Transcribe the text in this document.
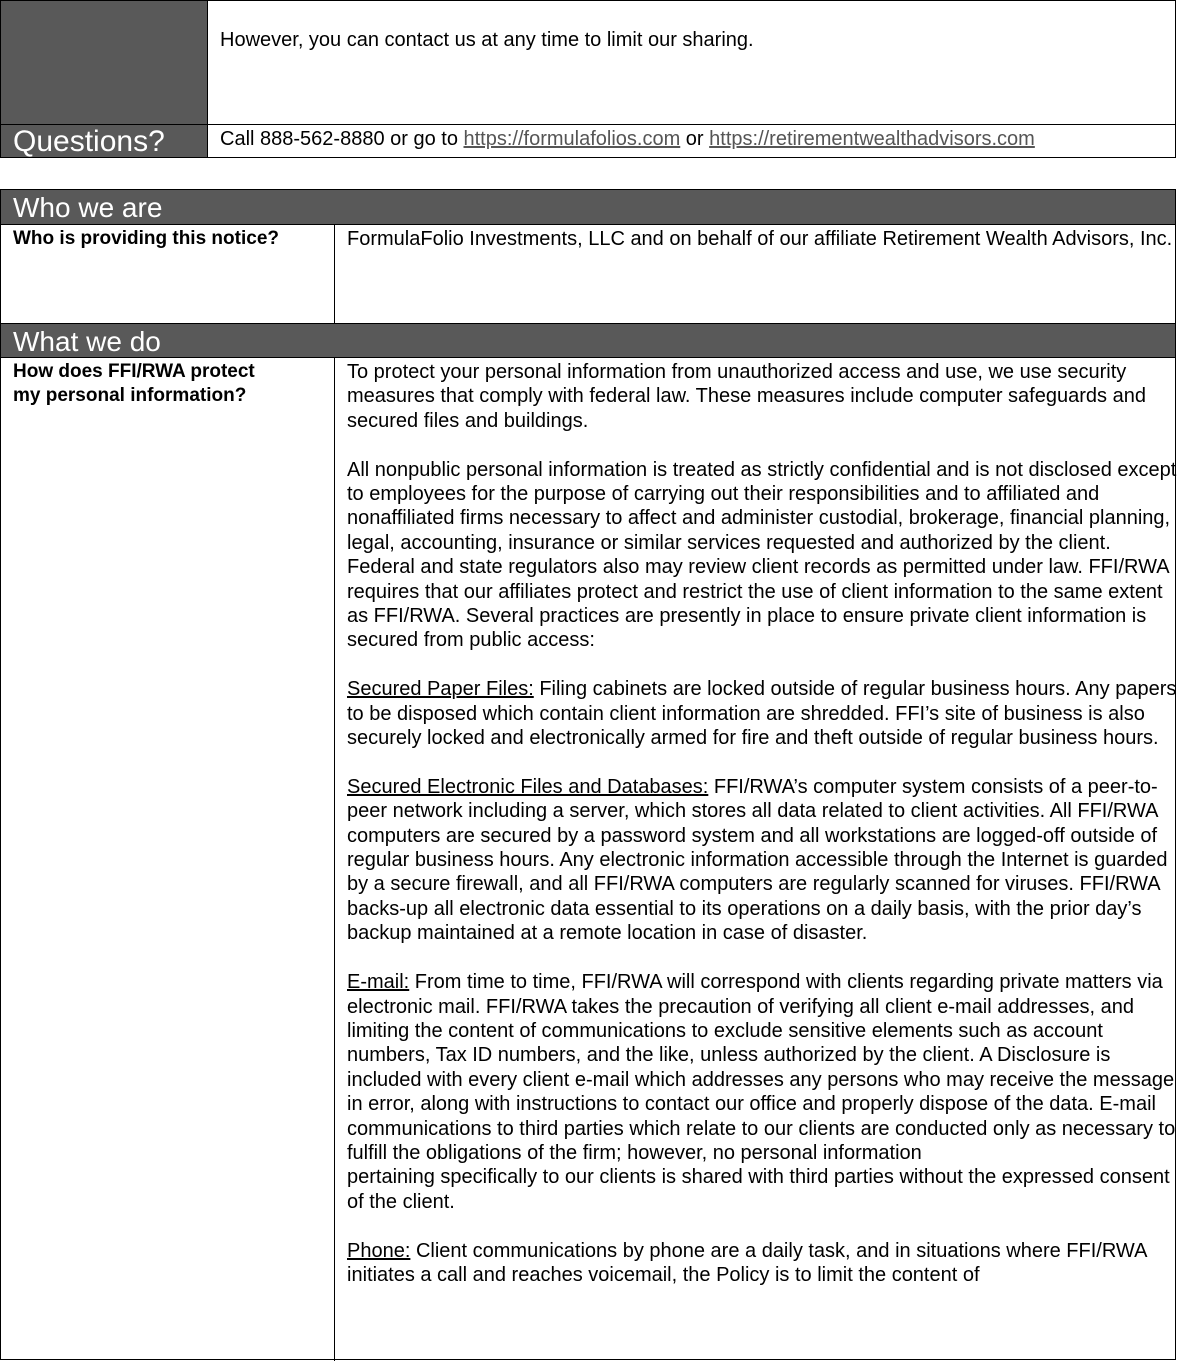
However, you can contact us at any time to limit our sharing.
Questions?	Call 888-562-8880 or go to https://formulafolios.com or https://retirementwealthadvisors.com
Who we are
Who is providing this notice?	FormulaFolio Investments, LLC and on behalf of our affiliate Retirement Wealth Advisors, Inc.
What we do
How does FFI/RWA protect
my personal information?

To protect your personal information from unauthorized access and use, we use security measures that comply with federal law. These measures include computer safeguards and secured files and buildings.

All nonpublic personal information is treated as strictly confidential and is not disclosed except to employees for the purpose of carrying out their responsibilities and to affiliated and nonaffiliated firms necessary to affect and administer custodial, brokerage, financial planning, legal, accounting, insurance or similar services requested and authorized by the client. Federal and state regulators also may review client records as permitted under law. FFI/RWA requires that our affiliates protect and restrict the use of client information to the same extent as FFI/RWA. Several practices are presently in place to ensure private client information is secured from public access:

Secured Paper Files: Filing cabinets are locked outside of regular business hours. Any papers to be disposed which contain client information are shredded. FFI’s site of business is also securely locked and electronically armed for fire and theft outside of regular business hours.

Secured Electronic Files and Databases: FFI/RWA’s computer system consists of a peer-to-peer network including a server, which stores all data related to client activities. All FFI/RWA computers are secured by a password system and all workstations are logged-off outside of regular business hours. Any electronic information accessible through the Internet is guarded by a secure firewall, and all FFI/RWA computers are regularly scanned for viruses. FFI/RWA backs-up all electronic data essential to its operations on a daily basis, with the prior day’s backup maintained at a remote location in case of disaster.

E-mail: From time to time, FFI/RWA will correspond with clients regarding private matters via electronic mail. FFI/RWA takes the precaution of verifying all client e-mail addresses, and limiting the content of communications to exclude sensitive elements such as account numbers, Tax ID numbers, and the like, unless authorized by the client. A Disclosure is included with every client e-mail which addresses any persons who may receive the message in error, along with instructions to contact our office and properly dispose of the data. E-mail communications to third parties which relate to our clients are conducted only as necessary to fulfill the obligations of the firm; however, no personal information
pertaining specifically to our clients is shared with third parties without the expressed consent of the client.

Phone: Client communications by phone are a daily task, and in situations where FFI/RWA initiates a call and reaches voicemail, the Policy is to limit the content of
